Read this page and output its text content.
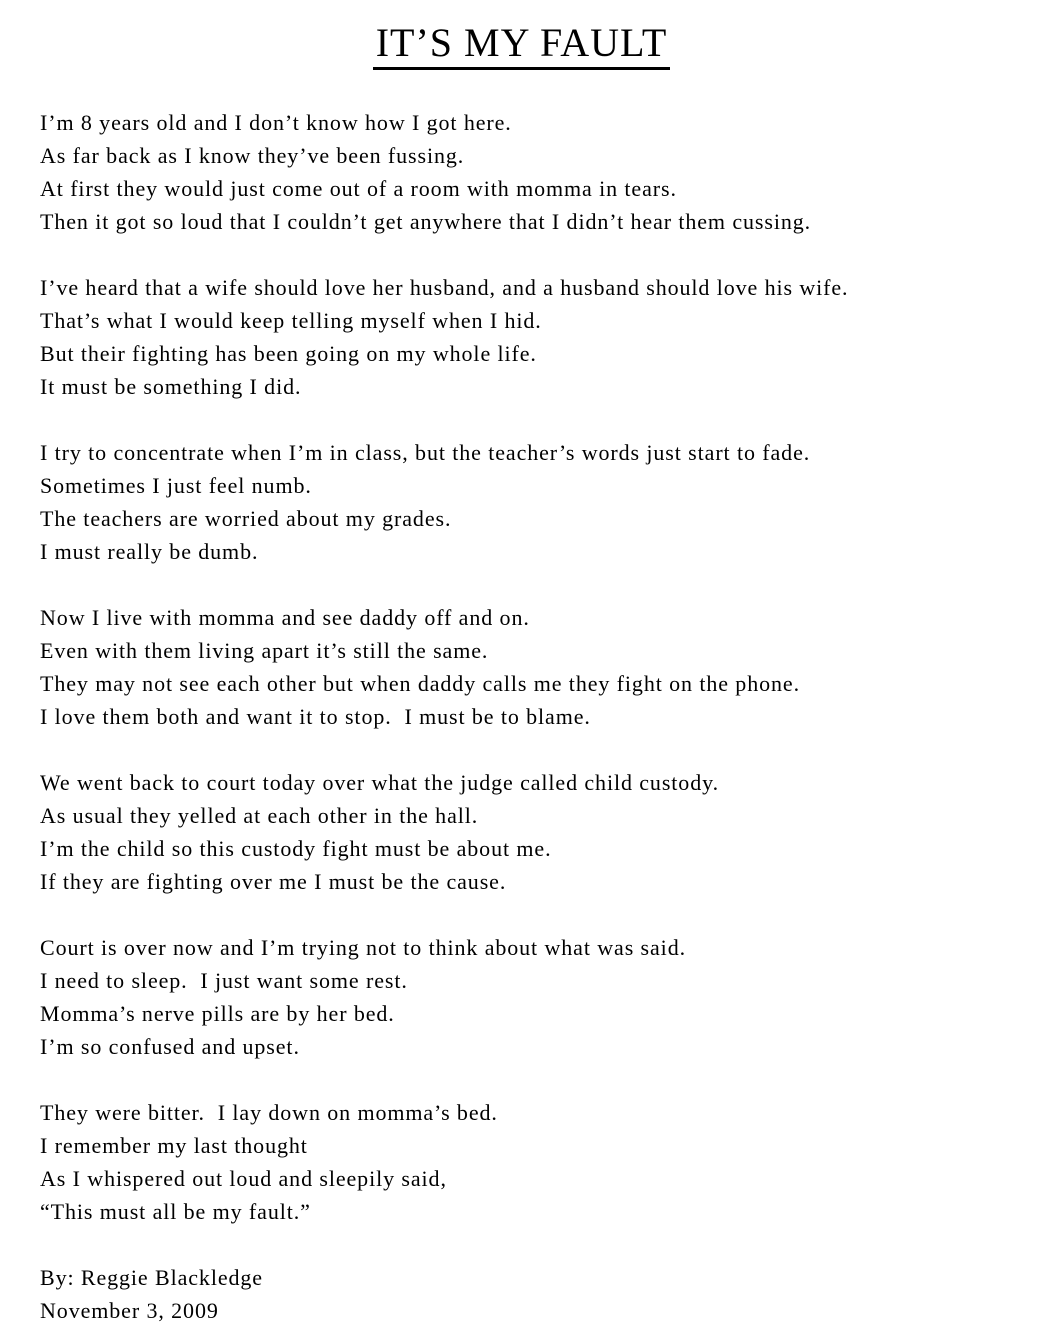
IT’S MY FAULT

I’m 8 years old and I don’t know how I got here.
As far back as I know they’ve been fussing.
At first they would just come out of a room with momma in tears.
Then it got so loud that I couldn’t get anywhere that I didn’t hear them cussing.

I’ve heard that a wife should love her husband, and a husband should love his wife.
That’s what I would keep telling myself when I hid.
But their fighting has been going on my whole life.
It must be something I did.

I try to concentrate when I’m in class, but the teacher’s words just start to fade.
Sometimes I just feel numb.
The teachers are worried about my grades.
I must really be dumb.

Now I live with momma and see daddy off and on.
Even with them living apart it’s still the same.
They may not see each other but when daddy calls me they fight on the phone.
I love them both and want it to stop.  I must be to blame.

We went back to court today over what the judge called child custody.
As usual they yelled at each other in the hall.
I’m the child so this custody fight must be about me.
If they are fighting over me I must be the cause.

Court is over now and I’m trying not to think about what was said.
I need to sleep.  I just want some rest.
Momma’s nerve pills are by her bed.
I’m so confused and upset.

They were bitter.  I lay down on momma’s bed.
I remember my last thought
As I whispered out loud and sleepily said,
“This must all be my fault.”

By: Reggie Blackledge
November 3, 2009
